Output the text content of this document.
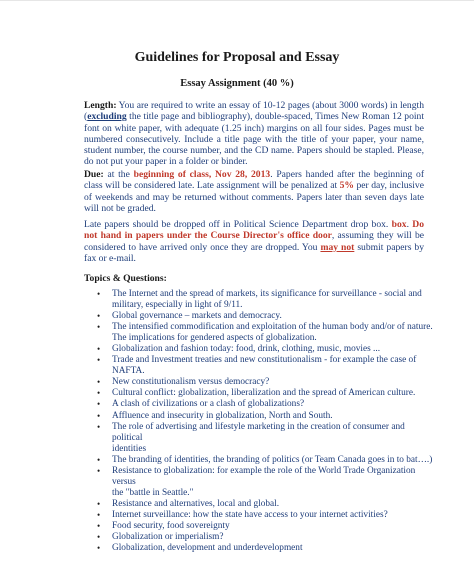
Guidelines for Proposal and Essay
Essay Assignment (40 %)

Length: You are required to write an essay of 10-12 pages (about 3000 words) in length (excluding the title page and bibliography), double-spaced, Times New Roman 12 point font on white paper, with adequate (1.25 inch) margins on all four sides. Pages must be numbered consecutively. Include a title page with the title of your paper, your name, student number, the course number, and the CD name. Papers should be stapled. Please, do not put your paper in a folder or binder.

Due: at the beginning of class, Nov 28, 2013. Papers handed after the beginning of class will be considered late. Late assignment will be penalized at 5% per day, inclusive of weekends and may be returned without comments. Papers later than seven days late will not be graded.

Late papers should be dropped off in Political Science Department drop box. box. Do not hand in papers under the Course Director's office door, assuming they will be considered to have arrived only once they are dropped. You may not submit papers by fax or e-mail.

Topics & Questions:

• The Internet and the spread of markets, its significance for surveillance - social and
military, especially in light of 9/11.
• Global governance – markets and democracy.
• The intensified commodification and exploitation of the human body and/or of nature.
The implications for gendered aspects of globalization.
• Globalization and fashion today: food, drink, clothing, music, movies ...
• Trade and Investment treaties and new constitutionalism - for example the case of
NAFTA.
• New constitutionalism versus democracy?
• Cultural conflict: globalization, liberalization and the spread of American culture.
• A clash of civilizations or a clash of globalizations?
• Affluence and insecurity in globalization, North and South.
• The role of advertising and lifestyle marketing in the creation of consumer and political
identities
• The branding of identities, the branding of politics (or Team Canada goes in to bat….)
• Resistance to globalization: for example the role of the World Trade Organization versus
the "battle in Seattle."
• Resistance and alternatives, local and global.
• Internet surveillance: how the state have access to your internet activities?
• Food security, food sovereignty
• Globalization or imperialism?
• Globalization, development and underdevelopment
